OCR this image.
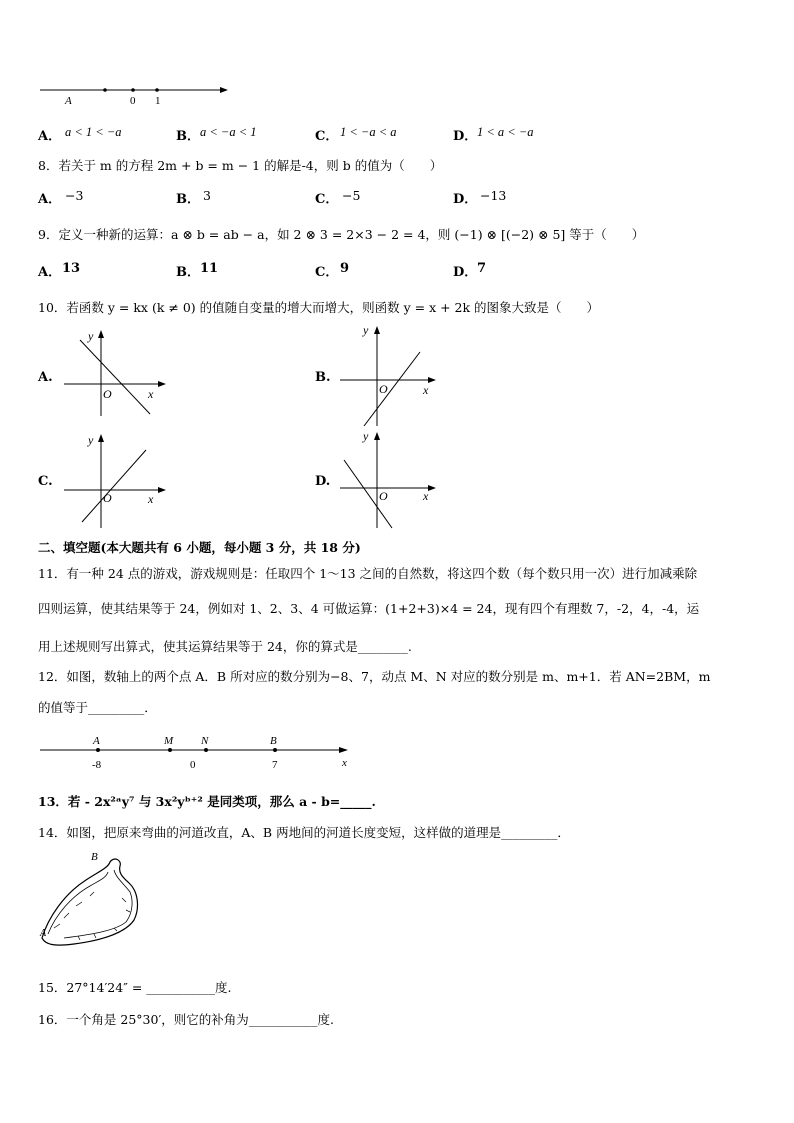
A	0 1
A． a < 1 < −a	B． a < −a < 1	C． 1 < −a < a	D． 1 < a < −a
8．若关于 m 的方程 2m + b = m − 1 的解是-4，则 b 的值为（　　）
A． −3	B． 3	C． −5	D． −13
9．定义一种新的运算：a ⊗ b = ab − a，如 2 ⊗ 3 = 2×3 − 2 = 4，则 (−1) ⊗ [(−2) ⊗ 5] 等于（　　）
A． 13	B． 11	C． 9	D． 7
10．若函数 y = kx (k ≠ 0) 的值随自变量的增大而增大，则函数 y = x + 2k 的图象大致是（　　）
A.
y
O	x
B.
y
O	x
C.
y
O	x
D.
y
O	x
二、填空题(本大题共有 6 小题，每小题 3 分，共 18 分)
11．有一种 24 点的游戏，游戏规则是：任取四个 1～13 之间的自然数，将这四个数（每个数只用一次）进行加减乘除
四则运算，使其结果等于 24，例如对 1、2、3、4 可做运算：(1+2+3)×4 = 24，现有四个有理数 7，-2，4，-4，运
用上述规则写出算式，使其运算结果等于 24，你的算式是________.
12．如图，数轴上的两个点 A．B 所对应的数分别为−8、7，动点 M、N 对应的数分别是 m、m+1．若 AN=2BM，m
的值等于_________．
A	M	N	B
-8	0	7	x
13．若 - 2x²ᵃy⁷ 与 3x²yᵇ⁺² 是同类项，那么 a - b=_____.
14．如图，把原来弯曲的河道改直，A、B 两地间的河道长度变短，这样做的道理是_________．
B
A
15．27°14′24″ = ___________度.
16．一个角是 25°30′，则它的补角为___________度.
